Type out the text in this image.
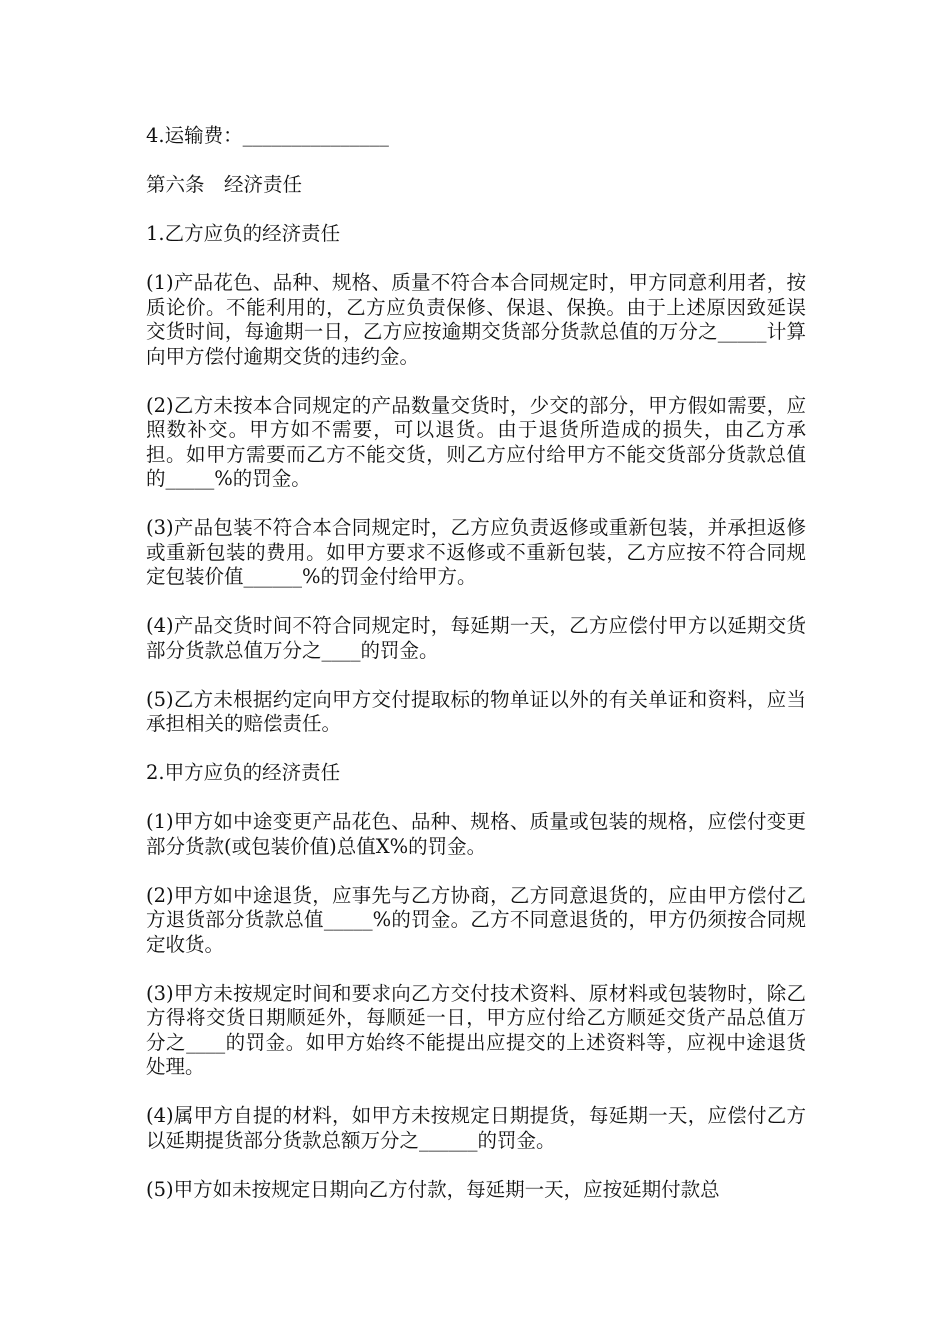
4.运输费：_______________

第六条　经济责任

1.乙方应负的经济责任

(1)产品花色、品种、规格、质量不符合本合同规定时，甲方同意利用者，按质论价。不能利用的，乙方应负责保修、保退、保换。由于上述原因致延误交货时间，每逾期一日，乙方应按逾期交货部分货款总值的万分之_____计算向甲方偿付逾期交货的违约金。

(2)乙方未按本合同规定的产品数量交货时，少交的部分，甲方假如需要，应照数补交。甲方如不需要，可以退货。由于退货所造成的损失，由乙方承担。如甲方需要而乙方不能交货，则乙方应付给甲方不能交货部分货款总值的_____%的罚金。

(3)产品包装不符合本合同规定时，乙方应负责返修或重新包装，并承担返修或重新包装的费用。如甲方要求不返修或不重新包装，乙方应按不符合同规定包装价值______%的罚金付给甲方。

(4)产品交货时间不符合同规定时，每延期一天，乙方应偿付甲方以延期交货部分货款总值万分之____的罚金。

(5)乙方未根据约定向甲方交付提取标的物单证以外的有关单证和资料，应当承担相关的赔偿责任。

2.甲方应负的经济责任

(1)甲方如中途变更产品花色、品种、规格、质量或包装的规格，应偿付变更部分货款(或包装价值)总值X%的罚金。

(2)甲方如中途退货，应事先与乙方协商，乙方同意退货的，应由甲方偿付乙方退货部分货款总值_____%的罚金。乙方不同意退货的，甲方仍须按合同规定收货。

(3)甲方未按规定时间和要求向乙方交付技术资料、原材料或包装物时，除乙方得将交货日期顺延外，每顺延一日，甲方应付给乙方顺延交货产品总值万分之____的罚金。如甲方始终不能提出应提交的上述资料等，应视中途退货处理。

(4)属甲方自提的材料，如甲方未按规定日期提货，每延期一天，应偿付乙方以延期提货部分货款总额万分之______的罚金。

(5)甲方如未按规定日期向乙方付款，每延期一天，应按延期付款总
